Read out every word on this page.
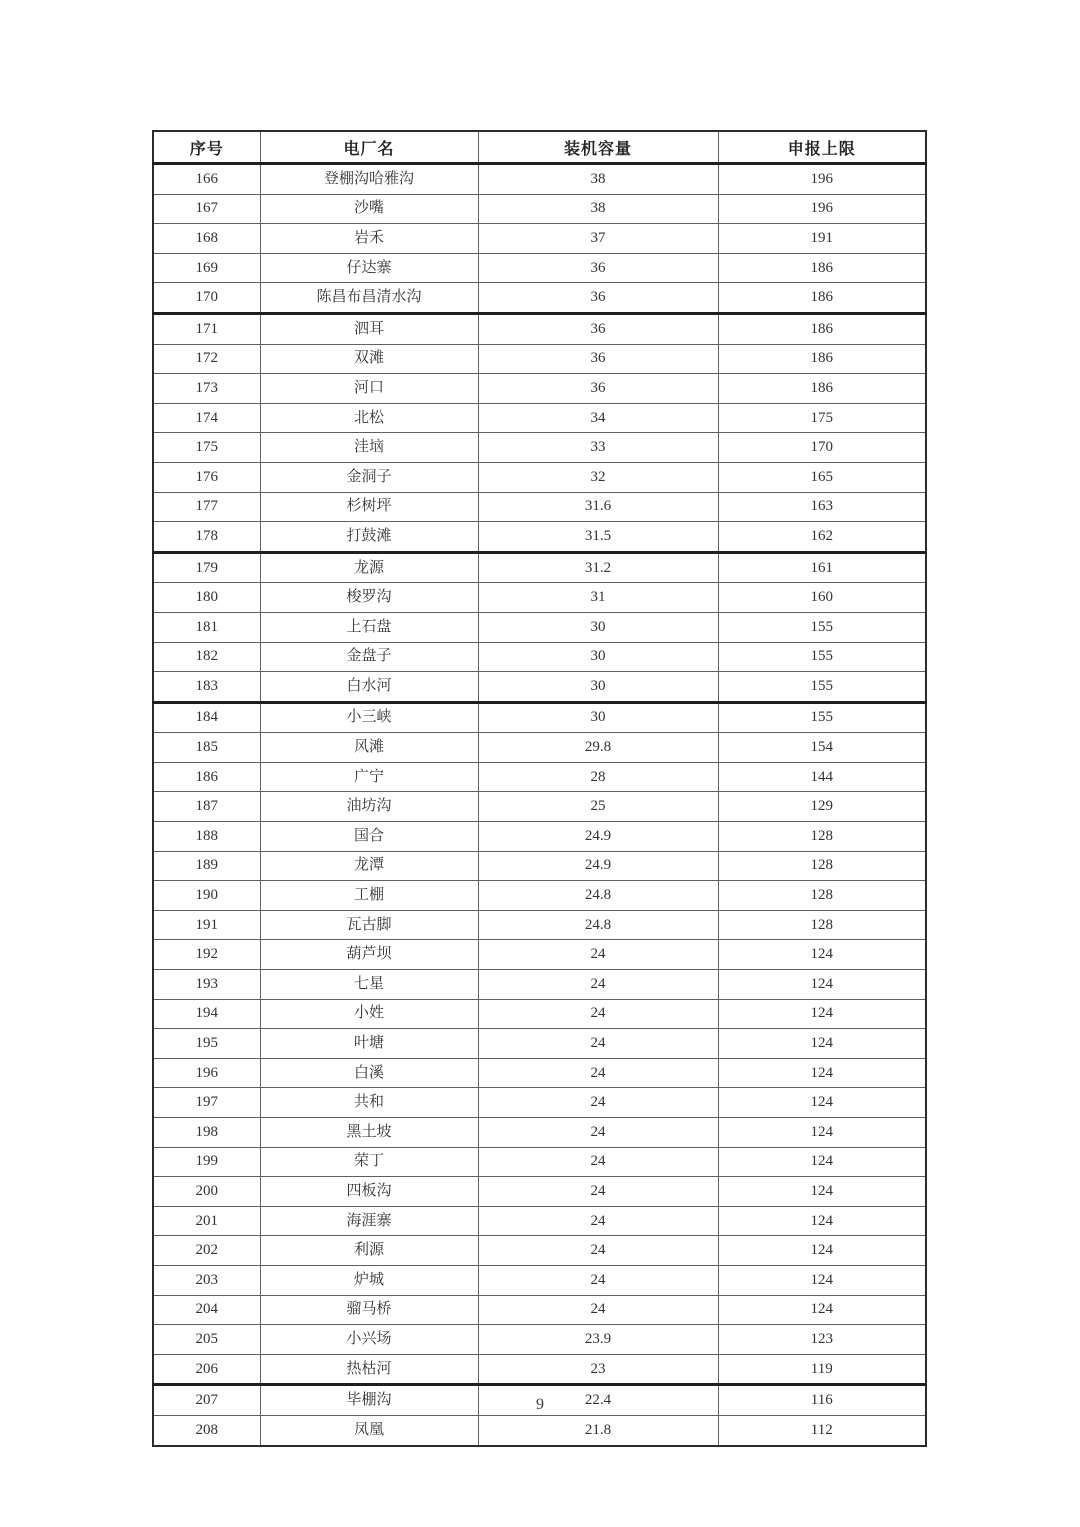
序号	电厂名	装机容量	申报上限
166	登棚沟哈雅沟	38	196
167	沙嘴	38	196
168	岩禾	37	191
169	仔达寨	36	186
170	陈昌布昌清水沟	36	186
171	泗耳	36	186
172	双滩	36	186
173	河口	36	186
174	北松	34	175
175	洼垴	33	170
176	金洞子	32	165
177	杉树坪	31.6	163
178	打鼓滩	31.5	162
179	龙源	31.2	161
180	梭罗沟	31	160
181	上石盘	30	155
182	金盘子	30	155
183	白水河	30	155
184	小三峡	30	155
185	风滩	29.8	154
186	广宁	28	144
187	油坊沟	25	129
188	国合	24.9	128
189	龙潭	24.9	128
190	工棚	24.8	128
191	瓦古脚	24.8	128
192	葫芦坝	24	124
193	七星	24	124
194	小姓	24	124
195	叶塘	24	124
196	白溪	24	124
197	共和	24	124
198	黑土坡	24	124
199	荣丁	24	124
200	四板沟	24	124
201	海涯寨	24	124
202	利源	24	124
203	炉城	24	124
204	骝马桥	24	124
205	小兴场	23.9	123
206	热枯河	23	119
207	毕棚沟	22.4	116
208	凤凰	21.8	112
9
